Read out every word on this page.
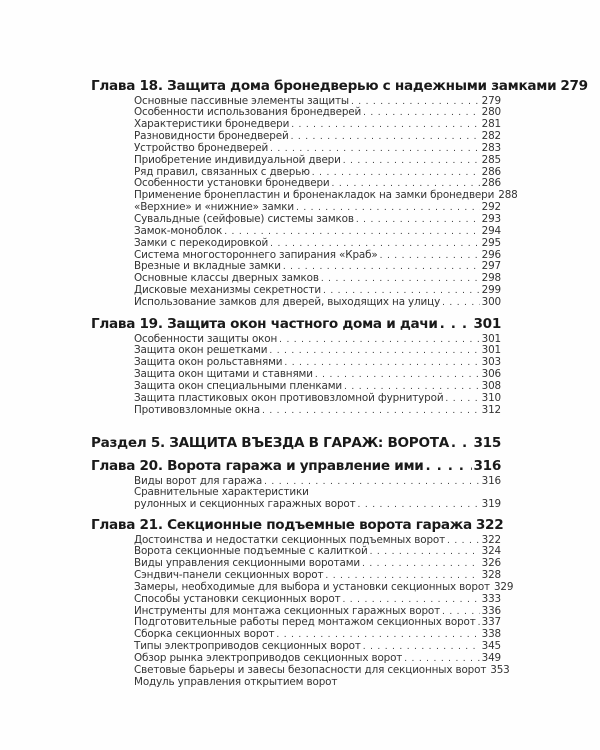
Глава 18. Защита дома бронедверью с надежными замками 279
Основные пассивные элементы защиты . . .	279
Особенности использования бронедверей . . .	280
Характеристики бронедвери . . .	281
Разновидности бронедверей . . .	282
Устройство бронедверей . . .	283
Приобретение индивидуальной двери . . .	285
Ряд правил, связанных с дверью . . .	286
Особенности установки бронедвери . . .	286
Применение бронепластин и броненакладок на замки бронедвери 288
«Верхние» и «нижние» замки . . .	292
Сувальдные (сейфовые) системы замков . . .	293
Замок-моноблок . . .	294
Замки с перекодировкой . . .	295
Система многостороннего запирания «Краб» . . .	296
Врезные и вкладные замки . . .	297
Основные классы дверных замков . . .	298
Дисковые механизмы секретности . . .	299
Использование замков для дверей, выходящих на улицу . . .	300
Глава 19. Защита окон частного дома и дачи . . .	301
Особенности защиты окон . . .	301
Защита окон решетками . . .	301
Защита окон рольставнями . . .	303
Защита окон щитами и ставнями . . .	306
Защита окон специальными пленками . . .	308
Защита пластиковых окон противовзломной фурнитурой . . .	310
Противовзломные окна . . .	312
Раздел 5. ЗАЩИТА ВЪЕЗДА В ГАРАЖ: ВОРОТА . . . 315
Глава 20. Ворота гаража и управление ими . . .	316
Виды ворот для гаража . . .	316
Сравнительные характеристики
рулонных и секционных гаражных ворот . . .	319
Глава 21. Секционные подъемные ворота гаража 322
Достоинства и недостатки секционных подъемных ворот . . .	322
Ворота секционные подъемные с калиткой . . .	324
Виды управления секционными воротами . . .	326
Сэндвич-панели секционных ворот . . .	328
Замеры, необходимые для выбора и установки секционных ворот 329
Способы установки секционных ворот . . .	333
Инструменты для монтажа секционных гаражных ворот . . .	336
Подготовительные работы перед монтажом секционных ворот . . . 337
Сборка секционных ворот . . .	338
Типы электроприводов секционных ворот . . .	345
Обзор рынка электроприводов секционных ворот . . .	349
Световые барьеры и завесы безопасности для секционных ворот 353
Модуль управления открытием ворот
